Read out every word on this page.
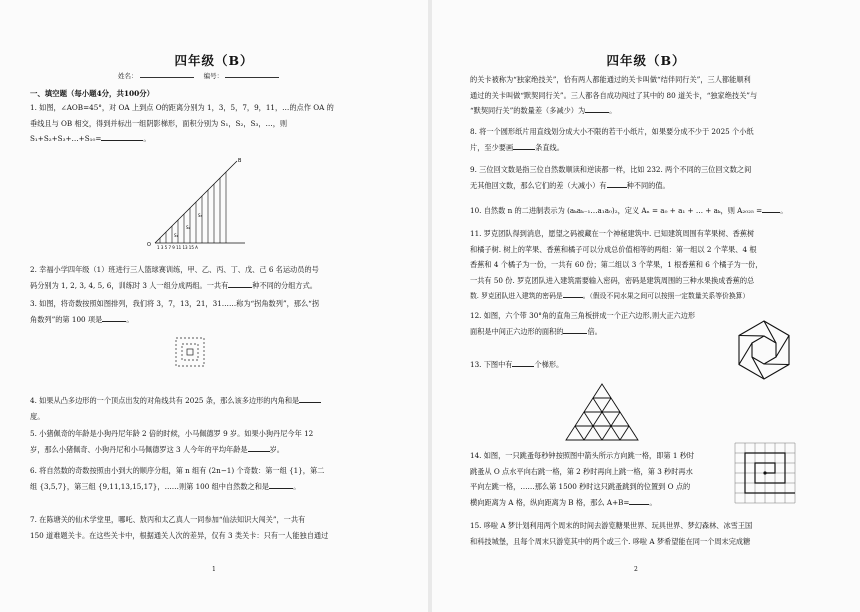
四年级（B）
姓名：	编号：
一、填空题（每小题4分，共100分）
1. 如图，∠AOB=45°，对 OA 上到点 O的距离分别为 1，3，5，7，9，11，…的点作 OA 的
垂线且与 OB 相交，得到并标出一组阴影梯形，面积分别为 S₁，S₂，S₃，…，则
S₁+S₂+S₃+…+S₁₀=	。
O
B
1 3 5 7 9 11 13 15 A
S₁
S₂
S₃
2. 幸福小学四年级（1）班进行三人篮球赛训练，甲、乙、丙、丁、戊、己 6 名运动员的号
码分别为 1, 2, 3, 4, 5, 6，训练时 3 人一组分成两组。一共有	种不同的分组方式。
3. 如图，将奇数按照如图排列，我们将 3，7，13，21，31……称为“拐角数列”，那么“拐
角数列”的第 100 项是	。
4. 如果从凸多边形的一个顶点出发的对角线共有 2025 条，那么该多边形的内角和是
度。
5. 小猪佩奇的年龄是小狗丹尼年龄 2 倍的时候，小马佩德罗 9 岁。如果小狗丹尼今年 12
岁，那么小猪佩奇、小狗丹尼和小马佩德罗这 3 人今年的平均年龄是	岁。
6. 将自然数的奇数按照由小到大的顺序分组，第 n 组有 (2n−1) 个奇数：第一组 {1}，第二
组 {3,5,7}，第三组 {9,11,13,15,17}，……则第 100 组中自然数之和是	。
7. 在陈塘关的仙术学堂里，哪吒、敖丙和太乙真人一同参加“仙法知识大闯关”，一共有
150 道难题关卡。在这些关卡中，根据通关人次的差异，仅有 3 类关卡：只有一人能独自通过
1
四年级（B）
的关卡被称为“独家绝技关”，恰有两人都能通过的关卡叫做“结伴同行关”，三人都能顺利
通过的关卡叫做“默契同行关”。三人都各自成功闯过了其中的 80 道关卡，“独家绝技关”与
“默契同行关”的数量差（多减少）为	。
8. 将一个圆形纸片用直线划分成大小不限的若干小纸片，如果要分成不少于 2025 个小纸
片，至少要画	条直线。
9. 三位回文数是指三位自然数顺读和逆读都一样，比如 232. 两个不同的三位回文数之间
无其他回文数，那么它们的差（大减小）有	种不同的值。
10. 自然数 n 的二进制表示为 (aₖaₖ₋₁…a₁a₀)₂，定义 Aₙ = a₀ + a₁ + … + aₖ，则 A₂₀₂₅ =	。
11. 罗克团队得到消息，愿望之码被藏在一个神秘建筑中. 已知建筑周围有苹果树、香蕉树
和橘子树. 树上的苹果、香蕉和橘子可以分成总价值相等的两组：第一组以 2 个苹果、4 根
香蕉和 4 个橘子为一份，一共有 60 份；第二组以 3 个苹果，1 根香蕉和 6 个橘子为一份，
一共有 50 份. 罗克团队进入建筑需要输入密码，密码是建筑周围的三种水果换成香蕉的总
数. 罗克团队进入建筑的密码是	。（假设不同水果之间可以按照一定数量关系等价换算）
12. 如图，六个带 30°角的直角三角板拼成一个正六边形,则大正六边形
面积是中间正六边形的面积的	倍。
13. 下图中有	个梯形。
14. 如图，一只跳蚤每秒钟按照图中箭头所示方向跳一格，即第 1 秒时
跳蚤从 O 点水平向右跳一格，第 2 秒时再向上跳一格，第 3 秒时再水
平向左跳一格，……那么第 1500 秒时这只跳蚤跳到的位置到 O 点的
横向距离为 A 格，纵向距离为 B 格，那么 A+B=	。
15. 哆啦 A 梦计划利用两个周末的时间去游览糖果世界、玩具世界、梦幻森林、冰雪王国
和科技城堡，且每个周末只游览其中的两个或三个. 哆啦 A 梦希望能在同一个周末完成糖
2
